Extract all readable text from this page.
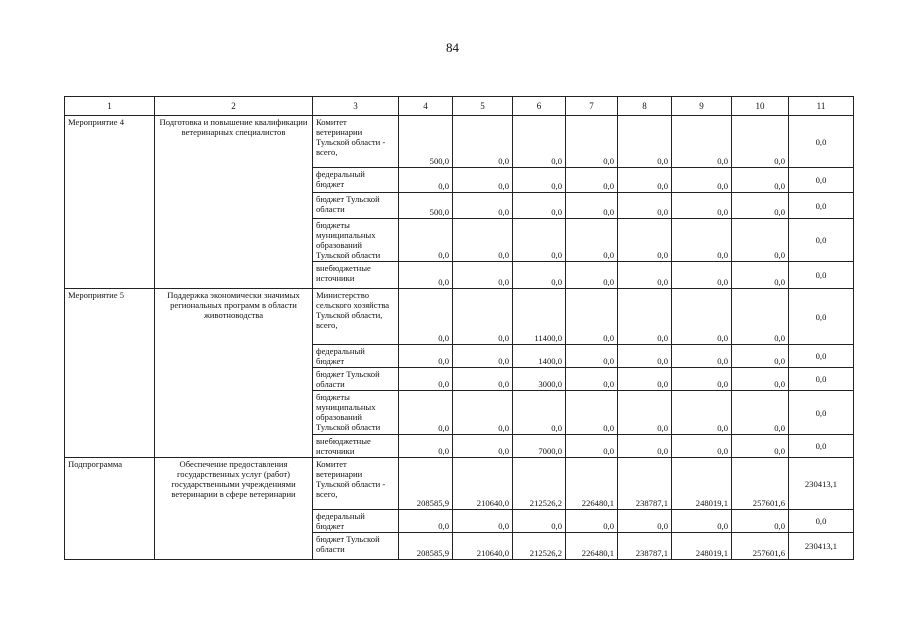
84
1	2	3	4	5	6	7	8	9	10	11
Мероприятие 4	Подготовка и повышение квалификации ветеринарных специалистов	Комитет ветеринарии Тульской области - всего,	500,0	0,0	0,0	0,0	0,0	0,0	0,0	0,0
		федеральный бюджет	0,0	0,0	0,0	0,0	0,0	0,0	0,0	0,0
		бюджет Тульской области	500,0	0,0	0,0	0,0	0,0	0,0	0,0	0,0
		бюджеты муниципальных образований Тульской области	0,0	0,0	0,0	0,0	0,0	0,0	0,0	0,0
		внебюджетные источники	0,0	0,0	0,0	0,0	0,0	0,0	0,0	0,0
Мероприятие 5	Поддержка экономически значимых региональных программ в области животноводства	Министерство сельского хозяйства Тульской области, всего,	0,0	0,0	11400,0	0,0	0,0	0,0	0,0	0,0
		федеральный бюджет	0,0	0,0	1400,0	0,0	0,0	0,0	0,0	0,0
		бюджет Тульской области	0,0	0,0	3000,0	0,0	0,0	0,0	0,0	0,0
		бюджеты муниципальных образований Тульской области	0,0	0,0	0,0	0,0	0,0	0,0	0,0	0,0
		внебюджетные источники	0,0	0,0	7000,0	0,0	0,0	0,0	0,0	0,0
Подпрограмма	Обеспечение предоставления государственных услуг (работ) государственными учреждениями ветеринарии в сфере ветеринарии	Комитет ветеринарии Тульской области - всего,	208585,9	210640,0	212526,2	226480,1	238787,1	248019,1	257601,6	230413,1
		федеральный бюджет	0,0	0,0	0,0	0,0	0,0	0,0	0,0	0,0
		бюджет Тульской области	208585,9	210640,0	212526,2	226480,1	238787,1	248019,1	257601,6	230413,1
